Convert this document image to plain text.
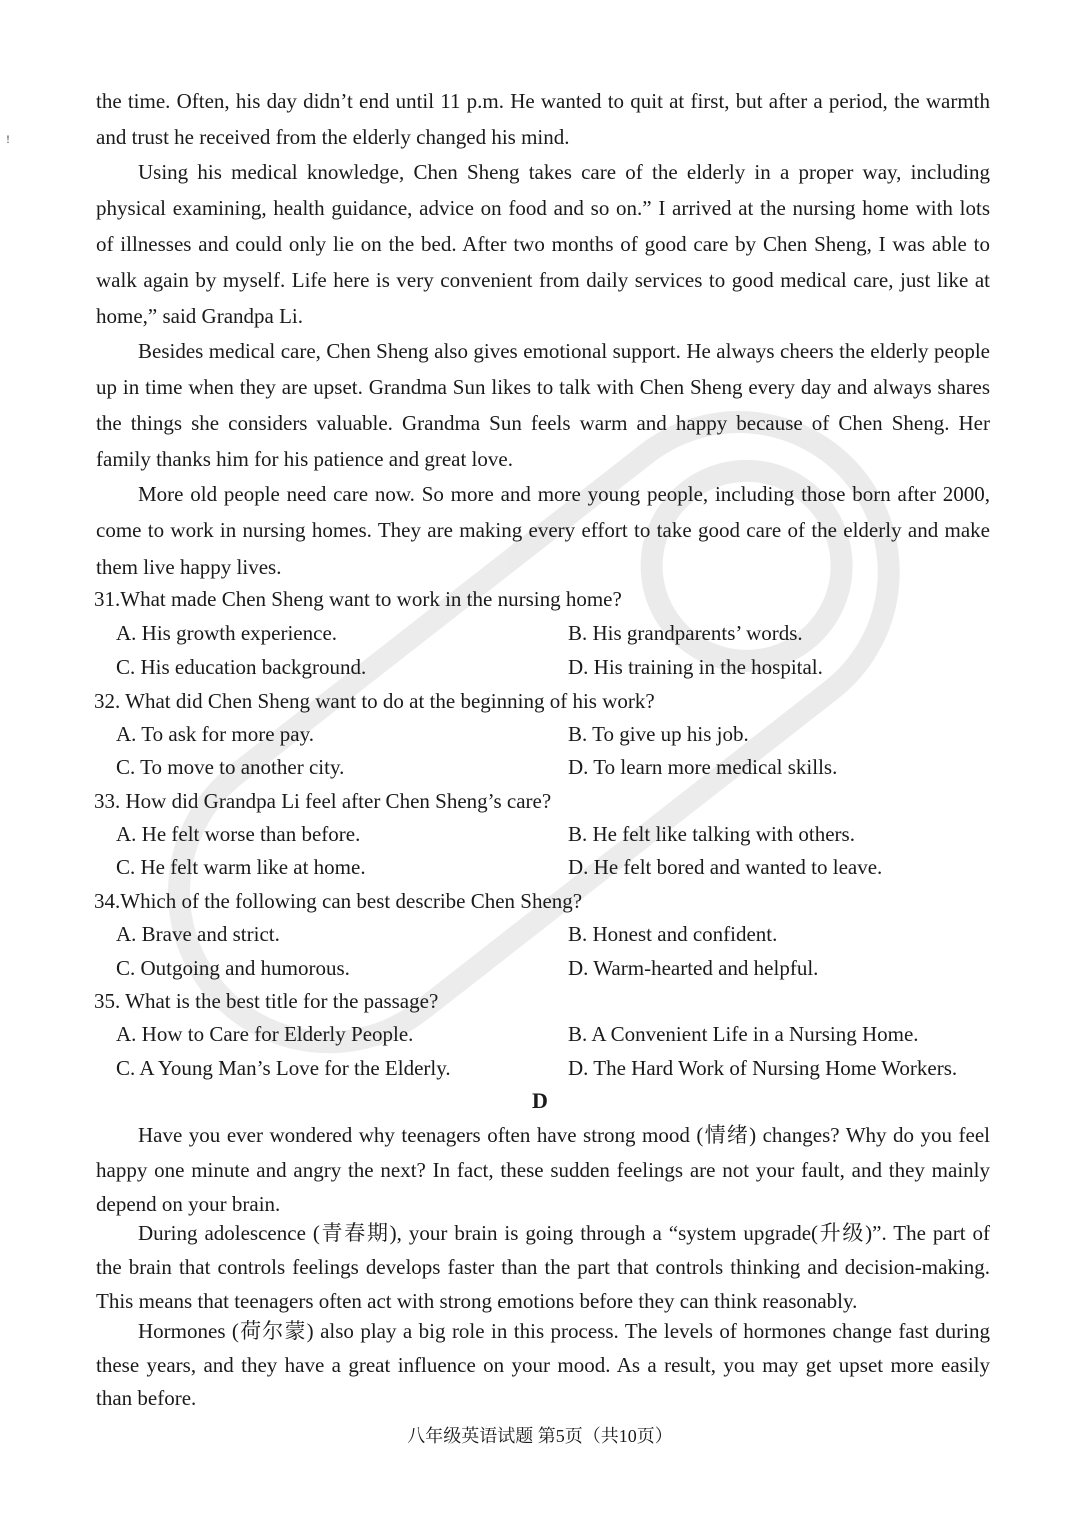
!
the time. Often, his day didn’t end until 11 p.m. He wanted to quit at first, but after a period, the warmth
and trust he received from the elderly changed his mind.
Using his medical knowledge, Chen Sheng takes care of the elderly in a proper way, including
physical examining, health guidance, advice on food and so on.” I arrived at the nursing home with lots
of illnesses and could only lie on the bed. After two months of good care by Chen Sheng, I was able to
walk again by myself. Life here is very convenient from daily services to good medical care, just like at
home,” said Grandpa Li.
Besides medical care, Chen Sheng also gives emotional support. He always cheers the elderly people
up in time when they are upset. Grandma Sun likes to talk with Chen Sheng every day and always shares
the things she considers valuable. Grandma Sun feels warm and happy because of Chen Sheng. Her
family thanks him for his patience and great love.
More old people need care now. So more and more young people, including those born after 2000,
come to work in nursing homes. They are making every effort to take good care of the elderly and make
them live happy lives.
31.What made Chen Sheng want to work in the nursing home?
A. His growth experience.	B. His grandparents’ words.
C. His education background.	D. His training in the hospital.
32. What did Chen Sheng want to do at the beginning of his work?
A. To ask for more pay.	B. To give up his job.
C. To move to another city.	D. To learn more medical skills.
33. How did Grandpa Li feel after Chen Sheng’s care?
A. He felt worse than before.	B. He felt like talking with others.
C. He felt warm like at home.	D. He felt bored and wanted to leave.
34.Which of the following can best describe Chen Sheng?
A. Brave and strict.	B. Honest and confident.
C. Outgoing and humorous.	D. Warm-hearted and helpful.
35. What is the best title for the passage?
A. How to Care for Elderly People.	B. A Convenient Life in a Nursing Home.
C. A Young Man’s Love for the Elderly.	D. The Hard Work of Nursing Home Workers.
D
Have you ever wondered why teenagers often have strong mood (情绪) changes? Why do you feel
happy one minute and angry the next? In fact, these sudden feelings are not your fault, and they mainly
depend on your brain.
During adolescence (青春期), your brain is going through a “system upgrade(升级)”. The part of
the brain that controls feelings develops faster than the part that controls thinking and decision-making.
This means that teenagers often act with strong emotions before they can think reasonably.
Hormones (荷尔蒙) also play a big role in this process. The levels of hormones change fast during
these years, and they have a great influence on your mood. As a result, you may get upset more easily
than before.
八年级英语试题 第5页（共10页）
